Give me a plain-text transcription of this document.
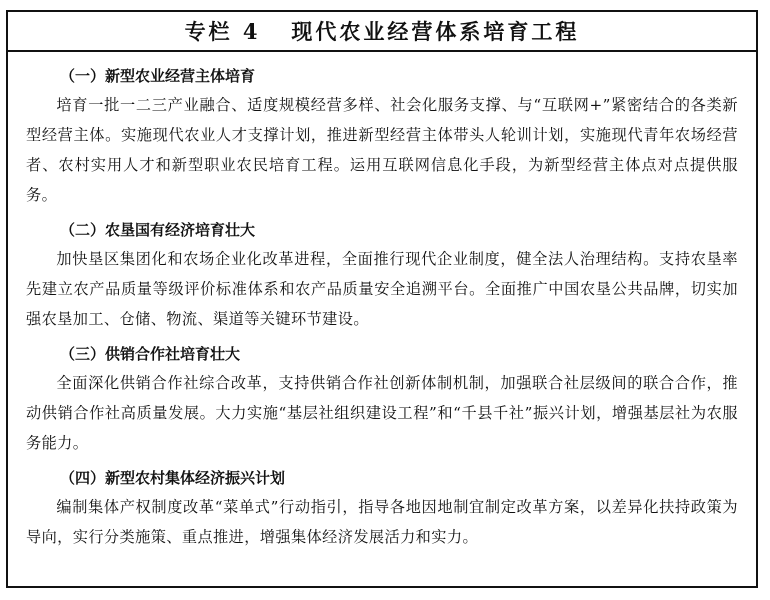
专栏 4   现代农业经营体系培育工程
（一）新型农业经营主体培育

培育一批一二三产业融合、适度规模经营多样、社会化服务支撑、与“互联网+”紧密结合的各类新型经营主体。实施现代农业人才支撑计划，推进新型经营主体带头人轮训计划，实施现代青年农场经营者、农村实用人才和新型职业农民培育工程。运用互联网信息化手段，为新型经营主体点对点提供服务。

（二）农垦国有经济培育壮大

加快垦区集团化和农场企业化改革进程，全面推行现代企业制度，健全法人治理结构。支持农垦率先建立农产品质量等级评价标准体系和农产品质量安全追溯平台。全面推广中国农垦公共品牌，切实加强农垦加工、仓储、物流、渠道等关键环节建设。

（三）供销合作社培育壮大

全面深化供销合作社综合改革，支持供销合作社创新体制机制，加强联合社层级间的联合合作，推动供销合作社高质量发展。大力实施“基层社组织建设工程”和“千县千社”振兴计划，增强基层社为农服务能力。

（四）新型农村集体经济振兴计划

编制集体产权制度改革“菜单式”行动指引，指导各地因地制宜制定改革方案，以差异化扶持政策为导向，实行分类施策、重点推进，增强集体经济发展活力和实力。
